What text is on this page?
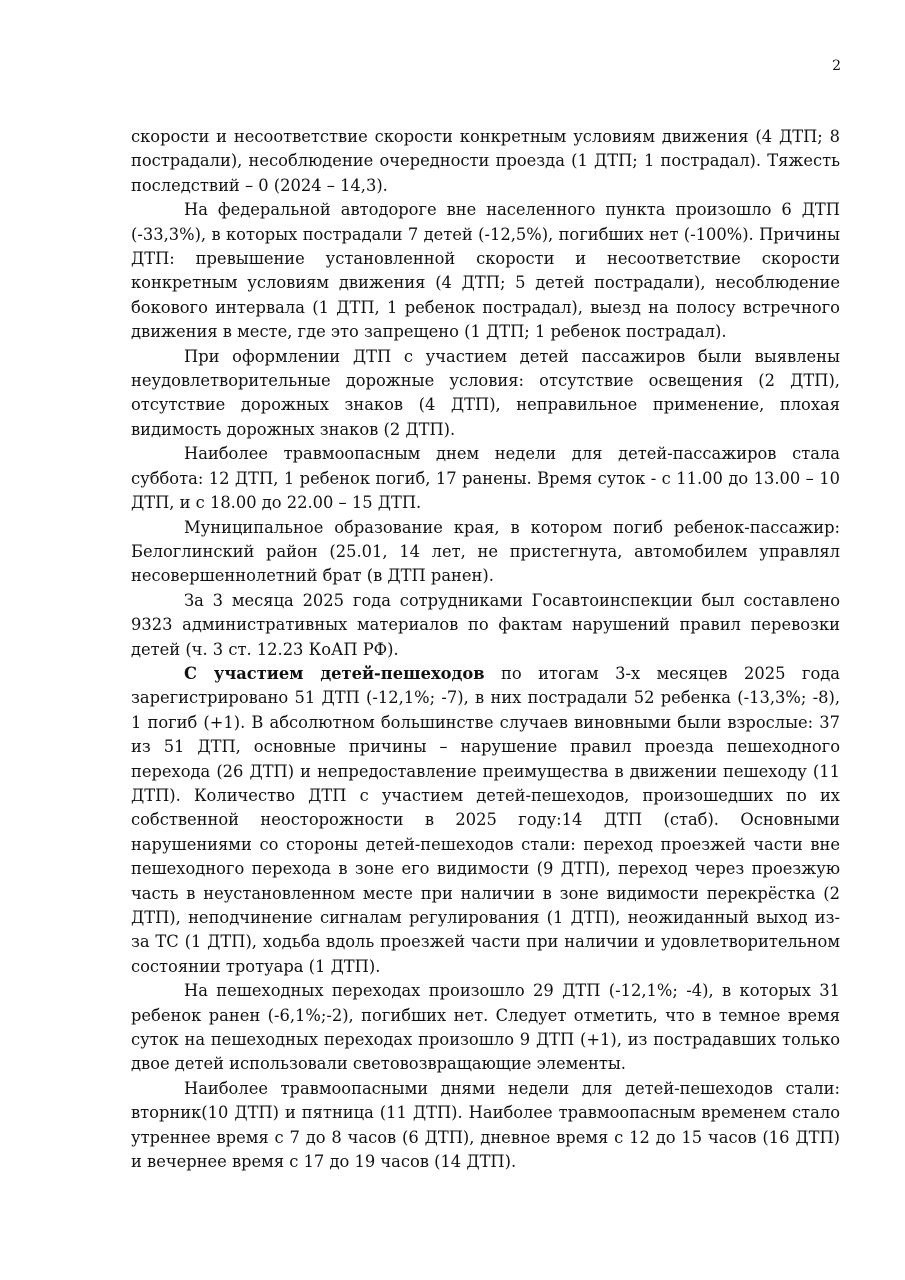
2

скорости и несоответствие скорости конкретным условиям движения (4 ДТП; 8 пострадали), несоблюдение очередности проезда (1 ДТП; 1 пострадал). Тяжесть последствий – 0 (2024 – 14,3).

На федеральной автодороге вне населенного пункта произошло 6 ДТП (-33,3%), в которых пострадали 7 детей (-12,5%), погибших нет (-100%). Причины ДТП: превышение установленной скорости и несоответствие скорости конкретным условиям движения (4 ДТП; 5 детей пострадали), несоблюдение бокового интервала (1 ДТП, 1 ребенок пострадал), выезд на полосу встречного движения в месте, где это запрещено (1 ДТП; 1 ребенок пострадал).

При оформлении ДТП с участием детей пассажиров были выявлены неудовлетворительные дорожные условия: отсутствие освещения (2 ДТП), отсутствие дорожных знаков (4 ДТП), неправильное применение, плохая видимость дорожных знаков (2 ДТП).

Наиболее травмоопасным днем недели для детей-пассажиров стала суббота: 12 ДТП, 1 ребенок погиб, 17 ранены. Время суток - с 11.00 до 13.00 – 10 ДТП, и с 18.00 до 22.00 – 15 ДТП.

Муниципальное образование края, в котором погиб ребенок-пассажир: Белоглинский район (25.01, 14 лет, не пристегнута, автомобилем управлял несовершеннолетний брат (в ДТП ранен).

За 3 месяца 2025 года сотрудниками Госавтоинспекции был составлено 9323 административных материалов по фактам нарушений правил перевозки детей (ч. 3 ст. 12.23 КоАП РФ).

С участием детей-пешеходов по итогам 3-х месяцев 2025 года зарегистрировано 51 ДТП (-12,1%; -7), в них пострадали 52 ребенка (-13,3%; -8), 1 погиб (+1). В абсолютном большинстве случаев виновными были взрослые: 37 из 51 ДТП, основные причины – нарушение правил проезда пешеходного перехода (26 ДТП) и непредоставление преимущества в движении пешеходу (11 ДТП). Количество ДТП с участием детей-пешеходов, произошедших по их собственной неосторожности в 2025 году:14 ДТП (стаб). Основными нарушениями со стороны детей-пешеходов стали: переход проезжей части вне пешеходного перехода в зоне его видимости (9 ДТП), переход через проезжую часть в неустановленном месте при наличии в зоне видимости перекрёстка (2 ДТП), неподчинение сигналам регулирования (1 ДТП), неожиданный выход из-за ТС (1 ДТП), ходьба вдоль проезжей части при наличии и удовлетворительном состоянии тротуара (1 ДТП).

На пешеходных переходах произошло 29 ДТП (-12,1%; -4), в которых 31 ребенок ранен (-6,1%;-2), погибших нет. Следует отметить, что в темное время суток на пешеходных переходах произошло 9 ДТП (+1), из пострадавших только двое детей использовали световозвращающие элементы.

Наиболее травмоопасными днями недели для детей-пешеходов стали: вторник(10 ДТП) и пятница (11 ДТП). Наиболее травмоопасным временем стало утреннее время с 7 до 8 часов (6 ДТП), дневное время с 12 до 15 часов (16 ДТП) и вечернее время с 17 до 19 часов (14 ДТП).
